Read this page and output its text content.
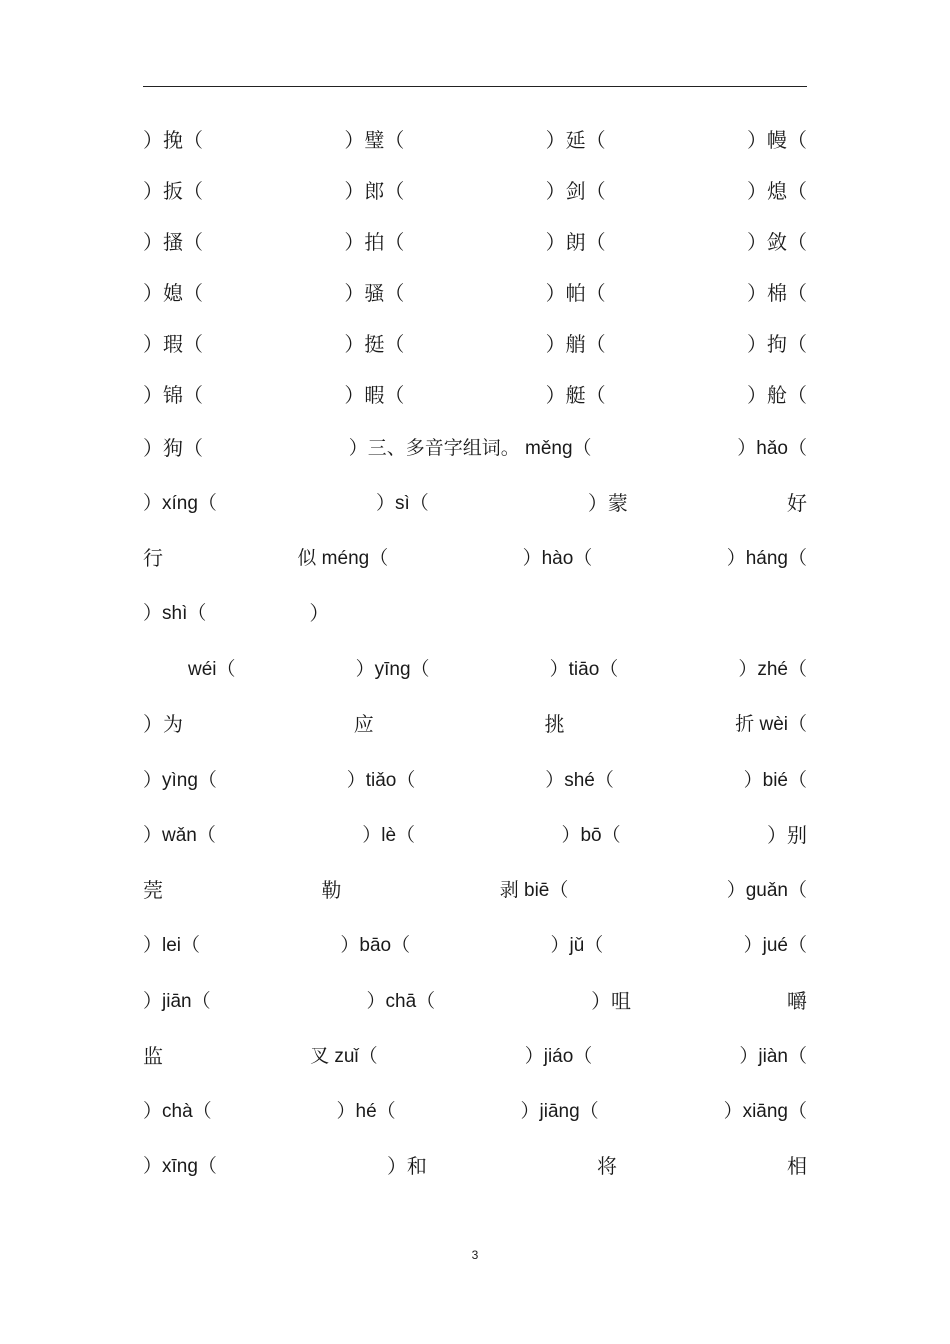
）挽（	）璧（	）延（	）幔（
）扳（	）郎（	）剑（	）熄（
）搔（	）拍（	）朗（	）敛（
）媳（	）骚（	）帕（	）棉（
）瑕（	）挺（	）艄（	）拘（
）锦（	）暇（	）艇（	）舱（
）狗（	）三、多音字组词。 měng（	）hǎo（
）xíng（	）sì（	）蒙	好
行	似 méng（	）hào（	）háng（
）shì（	）
wéi（	）yīng（	）tiāo（	）zhé（
）为	应	挑	折 wèi（
）yìng（	）tiǎo（	）shé（	）bié（
）wǎn（	）lè（	）bō（	）别
莞	勒	剥 biē（	）guǎn（
）lei（	）bāo（	）jǔ（	）jué（
）jiān（	）chā（	）咀	嚼
监	叉 zuǐ（	）jiáo（	）jiàn（
）chà（	）hé（	）jiāng（	）xiāng（
）xīng（	）和	将	相
3
